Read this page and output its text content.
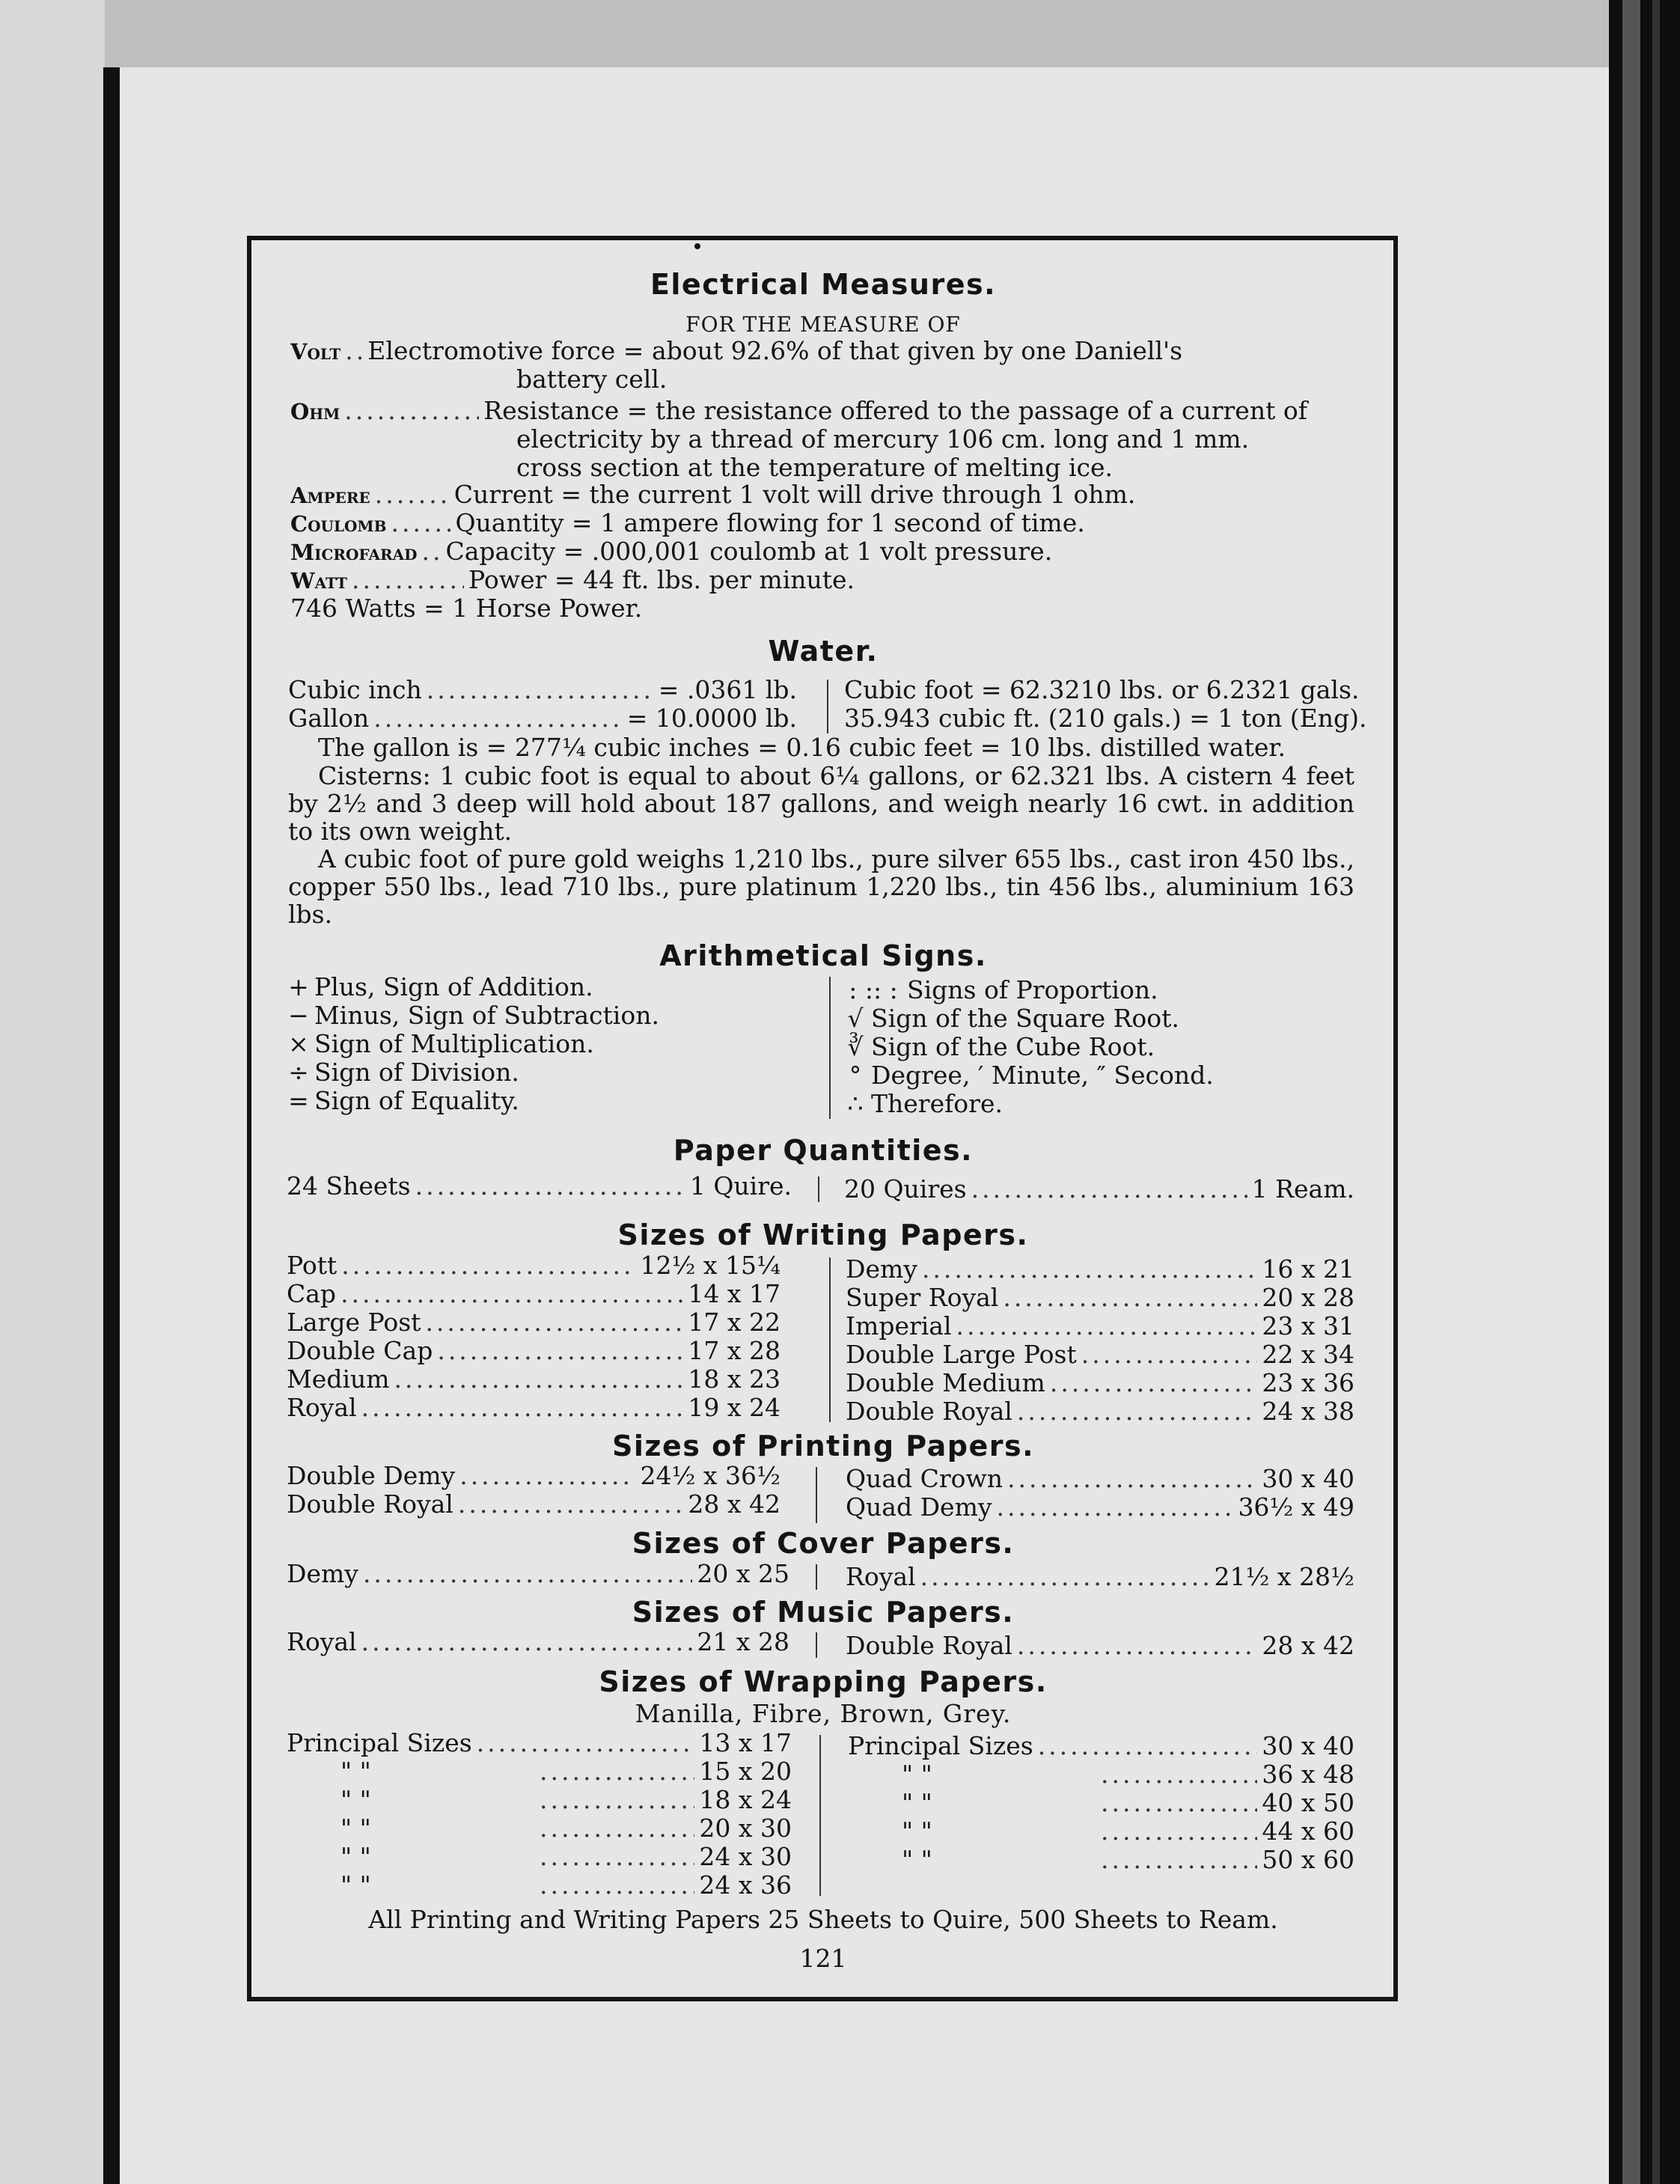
Electrical Measures.
FOR THE MEASURE OF
Volt ..... Electromotive force = about 92.6% of that given by one Daniell's
battery cell.
Ohm .....	Resistance = the resistance offered to the passage of a current of
electricity by a thread of mercury 106 cm. long and 1 mm.
cross section at the temperature of melting ice.
Ampere .....	Current = the current 1 volt will drive through 1 ohm.
Coulomb .....	Quantity = 1 ampere flowing for 1 second of time.
Microfarad ..... Capacity = .000,001 coulomb at 1 volt pressure.
Watt .....	Power = 44 ft. lbs. per minute.
746 Watts = 1 Horse Power.
Water.
Cubic inch .....	= .0361 lb.
Gallon .....	= 10.0000 lb.
Cubic foot = 62.3210 lbs. or 6.2321 gals.
35.943 cubic ft. (210 gals.) = 1 ton (Eng).
The gallon is = 277¼ cubic inches = 0.16 cubic feet = 10 lbs. distilled water.
Cisterns: 1 cubic foot is equal to about 6¼ gallons, or 62.321 lbs. A cistern 4 feet by 2½ and 3 deep will hold about 187 gallons, and weigh nearly 16 cwt. in addition to its own weight.
A cubic foot of pure gold weighs 1,210 lbs., pure silver 655 lbs., cast iron 450 lbs., copper 550 lbs., lead 710 lbs., pure platinum 1,220 lbs., tin 456 lbs., aluminium 163 lbs.
Arithmetical Signs.
+ Plus, Sign of Addition.
− Minus, Sign of Subtraction.
× Sign of Multiplication.
÷ Sign of Division.
= Sign of Equality.
: :: : Signs of Proportion.
√ Sign of the Square Root.
∛ Sign of the Cube Root.
° Degree, ′ Minute, ″ Second.
∴ Therefore.
Paper Quantities.
24 Sheets .....	1 Quire. 20 Quires .....	1 Ream.
Sizes of Writing Papers.
Pott .....	12½ x 15¼
Cap .....	14 x 17
Large Post .....	17 x 22
Double Cap .....	17 x 28
Medium .....	18 x 23
Royal .....	19 x 24
Demy .....	16 x 21
Super Royal .....	20 x 28
Imperial .....	23 x 31
Double Large Post .....	22 x 34
Double Medium .....	23 x 36
Double Royal .....	24 x 38
Sizes of Printing Papers.
Double Demy .....	24½ x 36½
Double Royal .....	28 x 42
Quad Crown .....	30 x 40
Quad Demy .....	36½ x 49
Sizes of Cover Papers.
Demy .....	20 x 25 Royal .....	21½ x 28½
Sizes of Music Papers.
Royal .....	21 x 28 Double Royal .....	28 x 42
Sizes of Wrapping Papers.
Manilla, Fibre, Brown, Grey.
Principal Sizes .....	13 x 17
" " .....	15 x 20
" " .....	18 x 24
" " .....	20 x 30
" " .....	24 x 30
" " .....	24 x 36
Principal Sizes .....	30 x 40
" " .....	36 x 48
" " .....	40 x 50
" " .....	44 x 60
" " .....	50 x 60
All Printing and Writing Papers 25 Sheets to Quire, 500 Sheets to Ream.
121
